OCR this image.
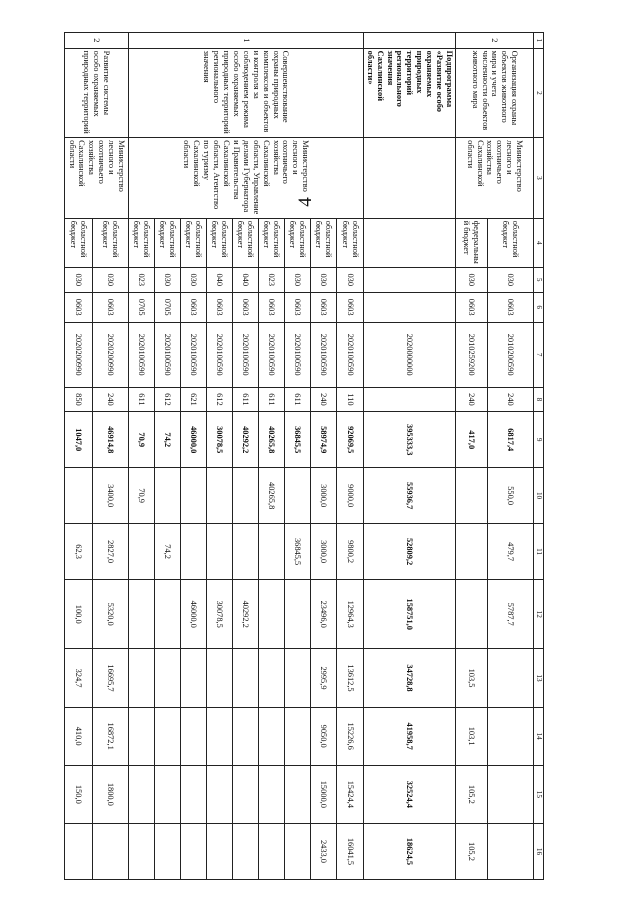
4
1	2	3	4	5	6	7	8	9	10	11	12	13	14	15	16
2	Организация охраны объектов животного мира и учета численности объектов животного мира	Министерство лесного и охотничьего хозяйства Сахалинской области	областной бюджет	030	0603	2010200590	240	6817,4	550,0	479,7	5787,7				
			федеральный бюджет	030	0603	2010259200	240	417,0				103,5	103,1	105,2	105,2
	Подпрограмма «Развитие особо охраняемых природных территорий регионального значения Сахалинской области»					2020000000		395333,3	55936,7	52809,2	158751,0	34728,8	41958,7	32524,4	18624,5
1	Совершенствование охраны природных комплексов и объектов и контроля за соблюдением режима особо охраняемых природных территорий регионального значения	Министерство лесного и охотничьего хозяйства Сахалинской области, Управление делами Губернатора и Правительства Сахалинской области, Агентство по туризму Сахалинской области	областной бюджет	030	0603	2020100590	110	92069,5	9000,0	9800,2	12964,3	13612,5	15226,6	15424,4	16041,5
			областной бюджет	030	0603	2020100590	240	58974,9	3000,0	3000,0	23496,0	2995,9	9050,0	15000,0	2433,0
			областной бюджет	030	0603	2020100590	611	36845,5		36845,5					
			областной бюджет	023	0603	2020100590	611	40265,8	40265,8						
			областной бюджет	040	0603	2020100590	611	40292,2			40292,2				
			областной бюджет	040	0603	2020100590	612	30078,5			30078,5				
			областной бюджет	030	0603	2020100590	621	46000,0			46000,0				
			областной бюджет	030	0705	2020100590	612	74,2		74,2					
			областной бюджет	023	0705	2020100590	611	70,9	70,9						
2	Развитие системы особо охраняемых природных территорий	Министерство лесного и охотничьего хозяйства Сахалинской области	областной бюджет	030	0603	2020200990	240	46914,8	3400,0	2827,0	5320,0	16695,7	16872,1	1800,0	
			областной бюджет	030	0603	2020200990	850	1047,0		62,3	100,0	324,7	410,0	150,0	
